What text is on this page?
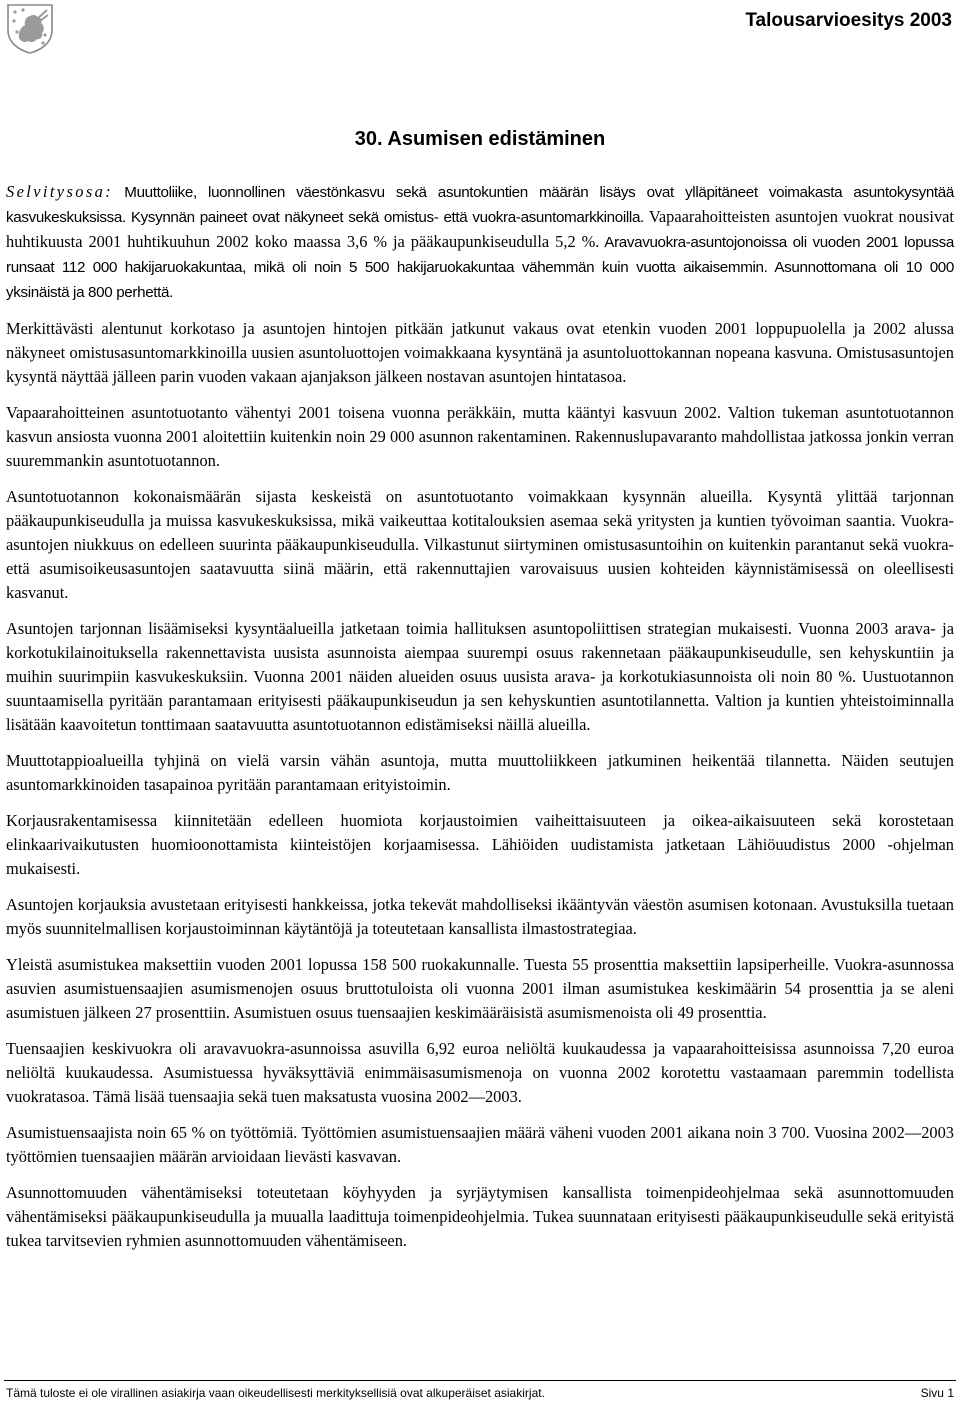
Talousarvioesitys 2003
30. Asumisen edistäminen

Selvitysosa: Muuttoliike, luonnollinen väestönkasvu sekä asuntokuntien määrän lisäys ovat ylläpitäneet voimakasta asuntokysyntää kasvukeskuksissa. Kysynnän paineet ovat näkyneet sekä omistus- että vuokra-asuntomarkkinoilla. Vapaarahoitteisten asuntojen vuokrat nousivat huhtikuusta 2001 huhtikuuhun 2002 koko maassa 3,6 % ja pääkaupunkiseudulla 5,2 %. Aravavuokra-asuntojonoissa oli vuoden 2001 lopussa runsaat 112 000 hakijaruokakuntaa, mikä oli noin 5 500 hakijaruokakuntaa vähemmän kuin vuotta aikaisemmin. Asunnottomana oli 10 000 yksinäistä ja 800 perhettä.

Merkittävästi alentunut korkotaso ja asuntojen hintojen pitkään jatkunut vakaus ovat etenkin vuoden 2001 loppupuolella ja 2002 alussa näkyneet omistusasuntomarkkinoilla uusien asuntoluottojen voimakkaana kysyntänä ja asuntoluottokannan nopeana kasvuna. Omistusasuntojen kysyntä näyttää jälleen parin vuoden vakaan ajanjakson jälkeen nostavan asuntojen hintatasoa.

Vapaarahoitteinen asuntotuotanto vähentyi 2001 toisena vuonna peräkkäin, mutta kääntyi kasvuun 2002. Valtion tukeman asuntotuotannon kasvun ansiosta vuonna 2001 aloitettiin kuitenkin noin 29 000 asunnon rakentaminen. Rakennuslupavaranto mahdollistaa jatkossa jonkin verran suuremmankin asuntotuotannon.

Asuntotuotannon kokonaismäärän sijasta keskeistä on asuntotuotanto voimakkaan kysynnän alueilla. Kysyntä ylittää tarjonnan pääkaupunkiseudulla ja muissa kasvukeskuksissa, mikä vaikeuttaa kotitalouksien asemaa sekä yritysten ja kuntien työvoiman saantia. Vuokra-asuntojen niukkuus on edelleen suurinta pääkaupunkiseudulla. Vilkastunut siirtyminen omistusasuntoihin on kuitenkin parantanut sekä vuokra- että asumisoikeusasuntojen saatavuutta siinä määrin, että rakennuttajien varovaisuus uusien kohteiden käynnistämisessä on oleellisesti kasvanut.

Asuntojen tarjonnan lisäämiseksi kysyntäalueilla jatketaan toimia hallituksen asuntopoliittisen strategian mukaisesti. Vuonna 2003 arava- ja korkotukilainoituksella rakennettavista uusista asunnoista aiempaa suurempi osuus rakennetaan pääkaupunkiseudulle, sen kehyskuntiin ja muihin suurimpiin kasvukeskuksiin. Vuonna 2001 näiden alueiden osuus uusista arava- ja korkotukiasunnoista oli noin 80 %. Uustuotannon suuntaamisella pyritään parantamaan erityisesti pääkaupunkiseudun ja sen kehyskuntien asuntotilannetta. Valtion ja kuntien yhteistoiminnalla lisätään kaavoitetun tonttimaan saatavuutta asuntotuotannon edistämiseksi näillä alueilla.

Muuttotappioalueilla tyhjinä on vielä varsin vähän asuntoja, mutta muuttoliikkeen jatkuminen heikentää tilannetta. Näiden seutujen asuntomarkkinoiden tasapainoa pyritään parantamaan erityistoimin.

Korjausrakentamisessa kiinnitetään edelleen huomiota korjaustoimien vaiheittaisuuteen ja oikea-aikaisuuteen sekä korostetaan elinkaarivaikutusten huomioonottamista kiinteistöjen korjaamisessa. Lähiöiden uudistamista jatketaan Lähiöuudistus 2000 -ohjelman mukaisesti.

Asuntojen korjauksia avustetaan erityisesti hankkeissa, jotka tekevät mahdolliseksi ikääntyvän väestön asumisen kotonaan. Avustuksilla tuetaan myös suunnitelmallisen korjaustoiminnan käytäntöjä ja toteutetaan kansallista ilmastostrategiaa.

Yleistä asumistukea maksettiin vuoden 2001 lopussa 158 500 ruokakunnalle. Tuesta 55 prosenttia maksettiin lapsiperheille. Vuokra-asunnossa asuvien asumistuensaajien asumismenojen osuus bruttotuloista oli vuonna 2001 ilman asumistukea keskimäärin 54 prosenttia ja se aleni asumistuen jälkeen 27 prosenttiin. Asumistuen osuus tuensaajien keskimääräisistä asumismenoista oli 49 prosenttia.

Tuensaajien keskivuokra oli aravavuokra-asunnoissa asuvilla 6,92 euroa neliöltä kuukaudessa ja vapaarahoitteisissa asunnoissa 7,20 euroa neliöltä kuukaudessa. Asumistuessa hyväksyttäviä enimmäisasumismenoja on vuonna 2002 korotettu vastaamaan paremmin todellista vuokratasoa. Tämä lisää tuensaajia sekä tuen maksatusta vuosina 2002—2003.

Asumistuensaajista noin 65 % on työttömiä. Työttömien asumistuensaajien määrä väheni vuoden 2001 aikana noin 3 700. Vuosina 2002—2003 työttömien tuensaajien määrän arvioidaan lievästi kasvavan.

Asunnottomuuden vähentämiseksi toteutetaan köyhyyden ja syrjäytymisen kansallista toimenpideohjelmaa sekä asunnottomuuden vähentämiseksi pääkaupunkiseudulla ja muualla laadittuja toimenpideohjelmia. Tukea suunnataan erityisesti pääkaupunkiseudulle sekä erityistä tukea tarvitsevien ryhmien asunnottomuuden vähentämiseen.

Tämä tuloste ei ole virallinen asiakirja vaan oikeudellisesti merkityksellisiä ovat alkuperäiset asiakirjat.	Sivu 1
